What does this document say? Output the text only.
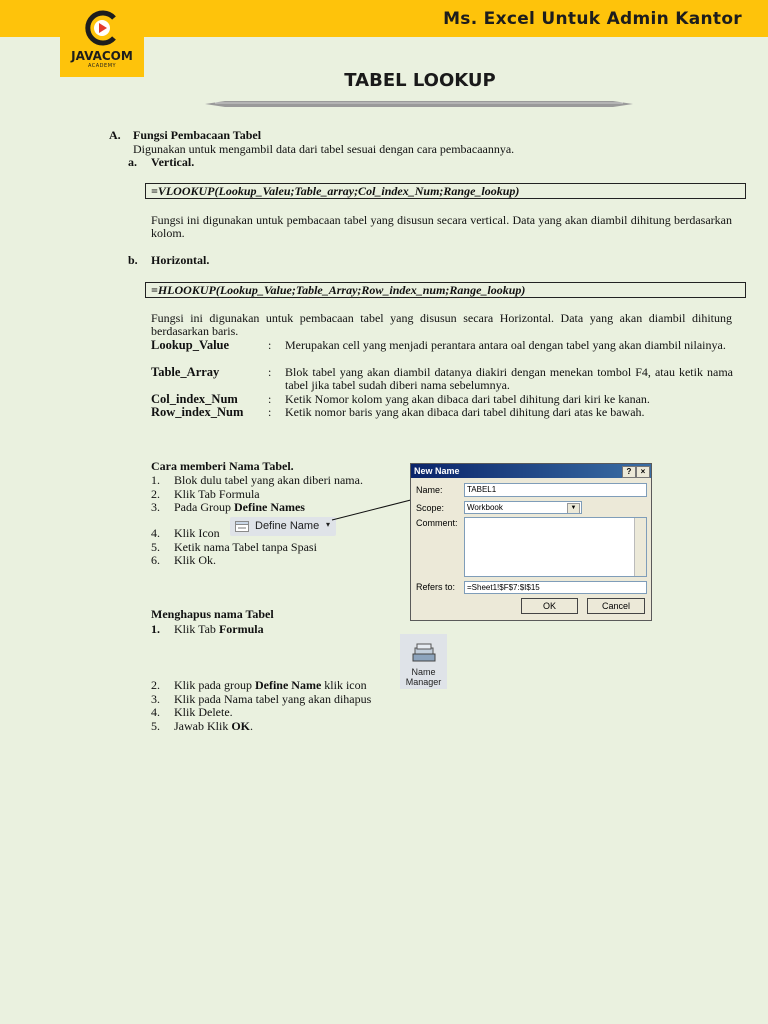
Ms. Excel Untuk Admin Kantor
JAVACOM
ACADEMY
TABEL LOOKUP
A. Fungsi Pembacaan Tabel
Digunakan untuk mengambil data dari tabel sesuai dengan cara pembacaannya.
a. Vertical.
=VLOOKUP(Lookup_Valeu;Table_array;Col_index_Num;Range_lookup)
Fungsi ini digunakan untuk pembacaan tabel yang disusun secara vertical. Data yang akan diambil dihitung berdasarkan kolom.
b. Horizontal.
=HLOOKUP(Lookup_Value;Table_Array;Row_index_num;Range_lookup)
Fungsi ini digunakan untuk pembacaan tabel yang disusun secara Horizontal. Data yang akan diambil dihitung berdasarkan baris.
Lookup_Value	: Merupakan cell yang menjadi perantara antara oal dengan tabel yang akan diambil nilainya.
Table_Array	: Blok tabel yang akan diambil datanya diakiri dengan menekan tombol F4, atau ketik nama tabel jika tabel sudah diberi nama sebelumnya.
Col_index_Num	: Ketik Nomor kolom yang akan dibaca dari tabel dihitung dari kiri ke kanan.
Row_index_Num : Ketik nomor baris yang akan dibaca dari tabel dihitung dari atas ke bawah.
Cara memberi Nama Tabel.
1. Blok dulu tabel yang akan diberi nama.
2. Klik Tab Formula
3. Pada Group Define Names
4. Klik Icon
5. Ketik nama Tabel tanpa Spasi
6. Klik Ok.
Define Name ▾
New Name	?	×
Name:	TABEL1
Scope:	Workbook	▼
Comment:
Refers to:	=Sheet1!$F$7:$I$15
OK	Cancel
Menghapus nama Tabel
1. Klik Tab Formula
Name
Manager
2. Klik pada group Define Name klik icon
3. Klik pada Nama tabel yang akan dihapus
4. Klik Delete.
5. Jawab Klik OK.
